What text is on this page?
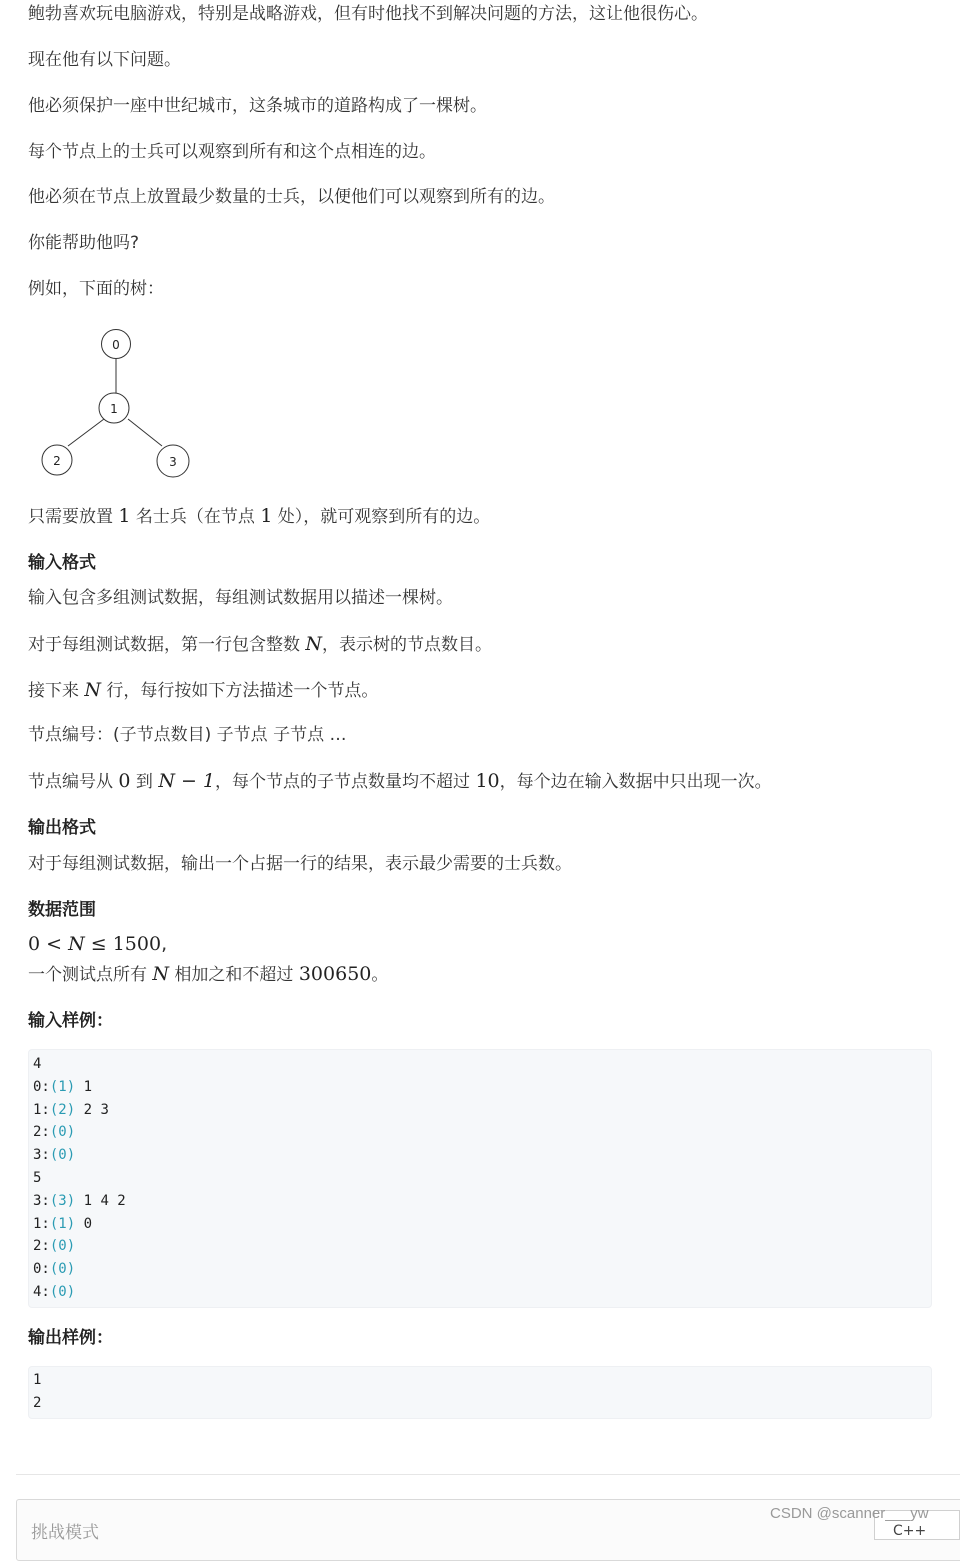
鲍勃喜欢玩电脑游戏，特别是战略游戏，但有时他找不到解决问题的方法，这让他很伤心。

现在他有以下问题。

他必须保护一座中世纪城市，这条城市的道路构成了一棵树。

每个节点上的士兵可以观察到所有和这个点相连的边。

他必须在节点上放置最少数量的士兵，以便他们可以观察到所有的边。

你能帮助他吗?

例如，下面的树：

0
1
2	3

只需要放置 1 名士兵（在节点 1 处），就可观察到所有的边。

输入格式

输入包含多组测试数据，每组测试数据用以描述一棵树。

对于每组测试数据，第一行包含整数 N，表示树的节点数目。

接下来 N 行，每行按如下方法描述一个节点。

节点编号：(子节点数目) 子节点 子节点 …

节点编号从 0 到 N − 1，每个节点的子节点数量均不超过 10，每个边在输入数据中只出现一次。

输出格式

对于每组测试数据，输出一个占据一行的结果，表示最少需要的士兵数。

数据范围

0 < N ≤ 1500,

一个测试点所有 N 相加之和不超过 300650。

输入样例：
4
0:(1) 1
1:(2) 2 3
2:(0)
3:(0)
5
3:(3) 1 4 2
1:(1) 0
2:(0)
0:(0)
4:(0)
输出样例：
1
2
挑战模式	C++
CSDN @scanner___yw
